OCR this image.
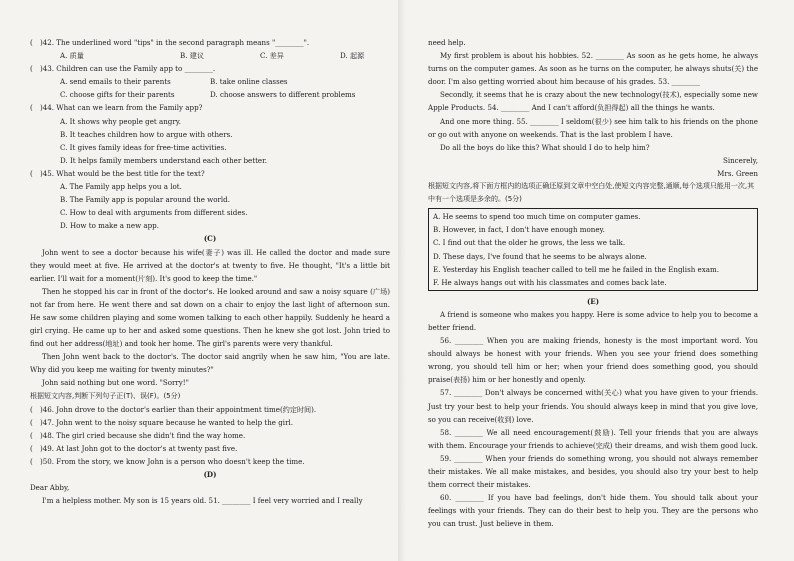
(	)42. The underlined word "tips" in the second paragraph means "________".
A. 质量	B. 建议	C. 差异	D. 起源
(	)43. Children can use the Family app to ________.
A. send emails to their parents	B. take online classes
C. choose gifts for their parents	D. choose answers to different problems
(	)44. What can we learn from the Family app?
A. It shows why people get angry.
B. It teaches children how to argue with others.
C. It gives family ideas for free-time activities.
D. It helps family members understand each other better.
(	)45. What would be the best title for the text?
A. The Family app helps you a lot.
B. The Family app is popular around the world.
C. How to deal with arguments from different sides.
D. How to make a new app.
(C)
John went to see a doctor because his wife(妻子) was ill. He called the doctor and made sure they would meet at five. He arrived at the doctor's at twenty to five. He thought, "It's a little bit earlier. I'll wait for a moment(片刻). It's good to keep the time."
Then he stopped his car in front of the doctor's. He looked around and saw a noisy square (广场) not far from here. He went there and sat down on a chair to enjoy the last light of afternoon sun. He saw some children playing and some women talking to each other happily. Suddenly he heard a girl crying. He came up to her and asked some questions. Then he knew she got lost. John tried to find out her address(地址) and took her home. The girl's parents were very thankful.
Then John went back to the doctor's. The doctor said angrily when he saw him, "You are late. Why did you keep me waiting for twenty minutes?"
John said nothing but one word. "Sorry!"
根据短文内容,判断下列句子正(T)、误(F)。(5分)
(	)46. John drove to the doctor's earlier than their appointment time(约定时间).
(	)47. John went to the noisy square because he wanted to help the girl.
(	)48. The girl cried because she didn't find the way home.
(	)49. At last John got to the doctor's at twenty past five.
(	)50. From the story, we know John is a person who doesn't keep the time.
(D)
Dear Abby,
I'm a helpless mother. My son is 15 years old. 51. ________ I feel very worried and I really
need help.
My first problem is about his hobbies. 52. ________ As soon as he gets home, he always turns on the computer games. As soon as he turns on the computer, he always shuts(关) the door. I'm also getting worried about him because of his grades. 53. ________
Secondly, it seems that he is crazy about the new technology(技术), especially some new Apple Products. 54. ________ And I can't afford(负担得起) all the things he wants.
And one more thing. 55. ________ I seldom(很少) see him talk to his friends on the phone or go out with anyone on weekends. That is the last problem I have.
Do all the boys do like this? What should I do to help him?
Sincerely,
Mrs. Green
根据短文内容,将下面方框内的选项正确还原到文章中空白处,使短文内容完整,通顺,每个选项只能用一次,其中有一个选项是多余的。(5分)
A. He seems to spend too much time on computer games.
B. However, in fact, I don't have enough money.
C. I find out that the older he grows, the less we talk.
D. These days, I've found that he seems to be always alone.
E. Yesterday his English teacher called to tell me he failed in the English exam.
F. He always hangs out with his classmates and comes back late.
(E)
A friend is someone who makes you happy. Here is some advice to help you to become a better friend.
56. ________ When you are making friends, honesty is the most important word. You should always be honest with your friends. When you see your friend does something wrong, you should tell him or her; when your friend does something good, you should praise(表扬) him or her honestly and openly.
57. ________ Don't always be concerned with(关心) what you have given to your friends. Just try your best to help your friends. You should always keep in mind that you give love, so you can receive(收到) love.
58. ________ We all need encouragement(鼓励). Tell your friends that you are always with them. Encourage your friends to achieve(完成) their dreams, and wish them good luck.
59. ________ When your friends do something wrong, you should not always remember their mistakes. We all make mistakes, and besides, you should also try your best to help them correct their mistakes.
60. ________ If you have bad feelings, don't hide them. You should talk about your feelings with your friends. They can do their best to help you. They are the persons who you can trust. Just believe in them.
